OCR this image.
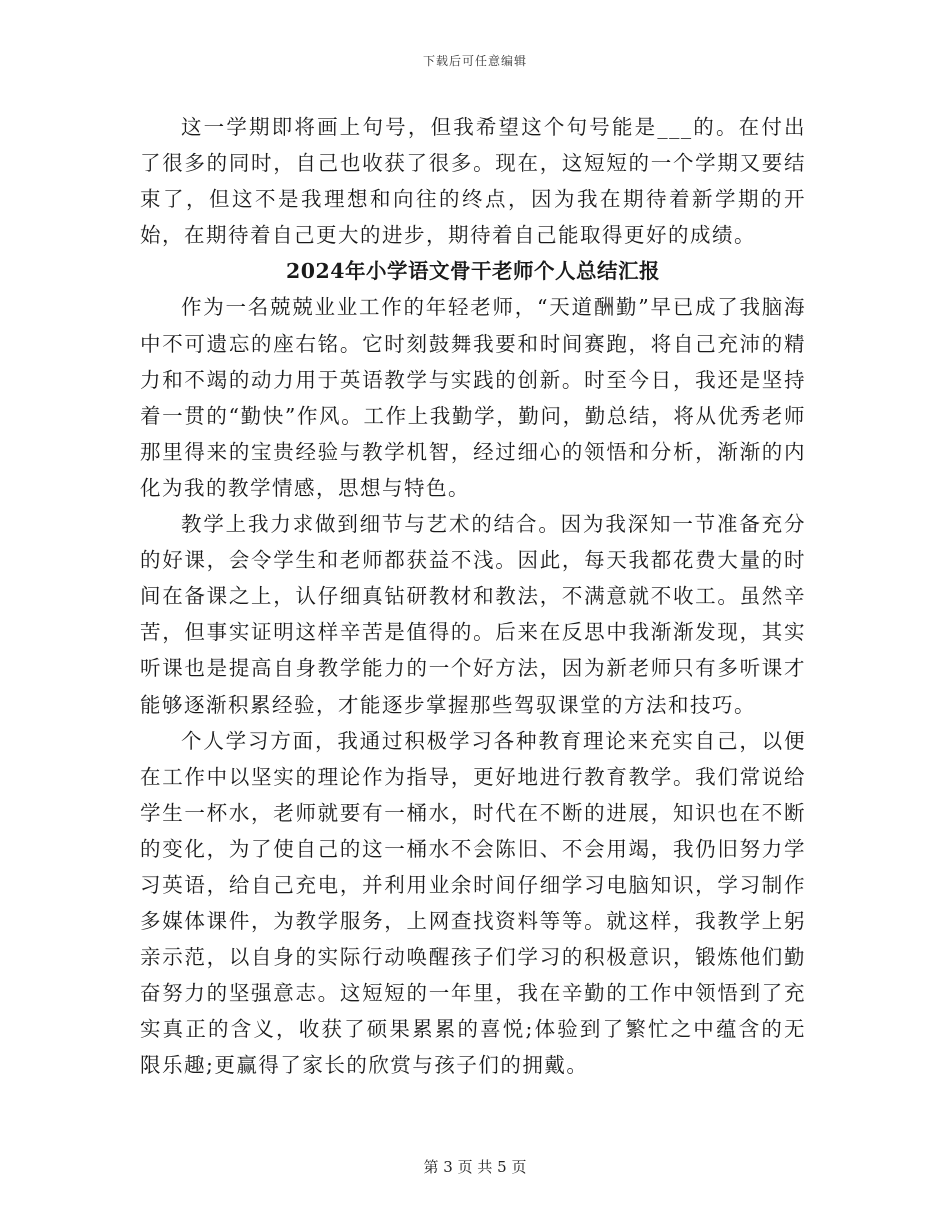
下载后可任意编辑

这一学期即将画上句号，但我希望这个句号能是___的。在付出了很多的同时，自己也收获了很多。现在，这短短的一个学期又要结束了，但这不是我理想和向往的终点，因为我在期待着新学期的开始，在期待着自己更大的进步，期待着自己能取得更好的成绩。

2024年小学语文骨干老师个人总结汇报

作为一名兢兢业业工作的年轻老师，“天道酬勤”早已成了我脑海中不可遗忘的座右铭。它时刻鼓舞我要和时间赛跑，将自己充沛的精力和不竭的动力用于英语教学与实践的创新。时至今日，我还是坚持着一贯的“勤快”作风。工作上我勤学，勤问，勤总结，将从优秀老师那里得来的宝贵经验与教学机智，经过细心的领悟和分析，渐渐的内化为我的教学情感，思想与特色。

教学上我力求做到细节与艺术的结合。因为我深知一节准备充分的好课，会令学生和老师都获益不浅。因此，每天我都花费大量的时间在备课之上，认仔细真钻研教材和教法，不满意就不收工。虽然辛苦，但事实证明这样辛苦是值得的。后来在反思中我渐渐发现，其实听课也是提高自身教学能力的一个好方法，因为新老师只有多听课才能够逐渐积累经验，才能逐步掌握那些驾驭课堂的方法和技巧。

个人学习方面，我通过积极学习各种教育理论来充实自己，以便在工作中以坚实的理论作为指导，更好地进行教育教学。我们常说给学生一杯水，老师就要有一桶水，时代在不断的进展，知识也在不断的变化，为了使自己的这一桶水不会陈旧、不会用竭，我仍旧努力学习英语，给自己充电，并利用业余时间仔细学习电脑知识，学习制作多媒体课件，为教学服务，上网查找资料等等。就这样，我教学上躬亲示范，以自身的实际行动唤醒孩子们学习的积极意识，锻炼他们勤奋努力的坚强意志。这短短的一年里，我在辛勤的工作中领悟到了充实真正的含义，收获了硕果累累的喜悦;体验到了繁忙之中蕴含的无限乐趣;更赢得了家长的欣赏与孩子们的拥戴。

第 3 页 共 5 页
